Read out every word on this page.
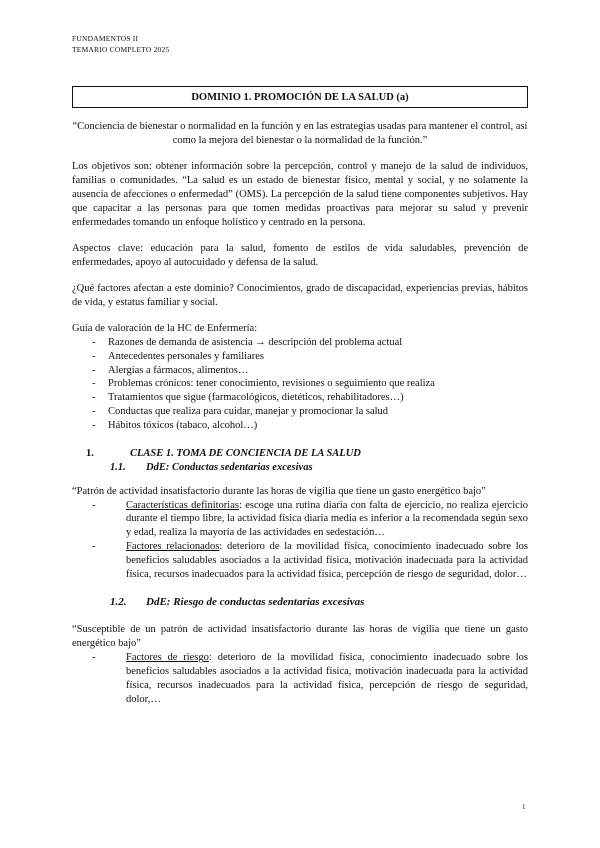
FUNDAMENTOS II
TEMARIO COMPLETO 2025
DOMINIO 1. PROMOCIÓN DE LA SALUD (a)

“Conciencia de bienestar o normalidad en la función y en las estrategias usadas para mantener el control, así como la mejora del bienestar o la normalidad de la función.”

Los objetivos son: obtener información sobre la percepción, control y manejo de la salud de individuos, familias o comunidades. “La salud es un estado de bienestar físico, mental y social, y no solamente la ausencia de afecciones o enfermedad” (OMS). La percepción de la salud tiene componentes subjetivos. Hay que capacitar a las personas para que tomen medidas proactivas para mejorar su salud y prevenir enfermedades tomando un enfoque holístico y centrado en la persona.

Aspectos clave: educación para la salud, fomento de estilos de vida saludables, prevención de enfermedades, apoyo al autocuidado y defensa de la salud.

¿Qué factores afectan a este dominio? Conocimientos, grado de discapacidad, experiencias previas, hábitos de vida, y estatus familiar y social.

Guía de valoración de la HC de Enfermería:

- Razones de demanda de asistencia → descripción del problema actual
- Antecedentes personales y familiares
- Alergias a fármacos, alimentos…
- Problemas crónicos: tener conocimiento, revisiones o seguimiento que realiza
- Tratamientos que sigue (farmacológicos, dietéticos, rehabilitadores…)
- Conductas que realiza para cuidar, manejar y promocionar la salud
- Hábitos tóxicos (tabaco, alcohol…)
1.	CLASE 1. TOMA DE CONCIENCIA DE LA SALUD
1.1. DdE: Conductas sedentarias excesivas

“Patrón de actividad insatisfactorio durante las horas de vigilia que tiene un gasto energético bajo”

- Características definitorias: escoge una rutina diaria con falta de ejercicio, no realiza ejercicio durante el tiempo libre, la actividad física diaria media es inferior a la recomendada según sexo y edad, realiza la mayoría de las actividades en sedestación…
- Factores relacionados: deterioro de la movilidad física, conocimiento inadecuado sobre los beneficios saludables asociados a la actividad física, motivación inadecuada para la actividad física, recursos inadecuados para la actividad física, percepción de riesgo de seguridad, dolor…
1.2. DdE: Riesgo de conductas sedentarias excesivas

“Susceptible de un patrón de actividad insatisfactorio durante las horas de vigilia que tiene un gasto energético bajo”

- Factores de riesgo: deterioro de la movilidad física, conocimiento inadecuado sobre los beneficios saludables asociados a la actividad física, motivación inadecuada para la actividad física, recursos inadecuados para la actividad física, percepción de riesgo de seguridad, dolor,…
1
